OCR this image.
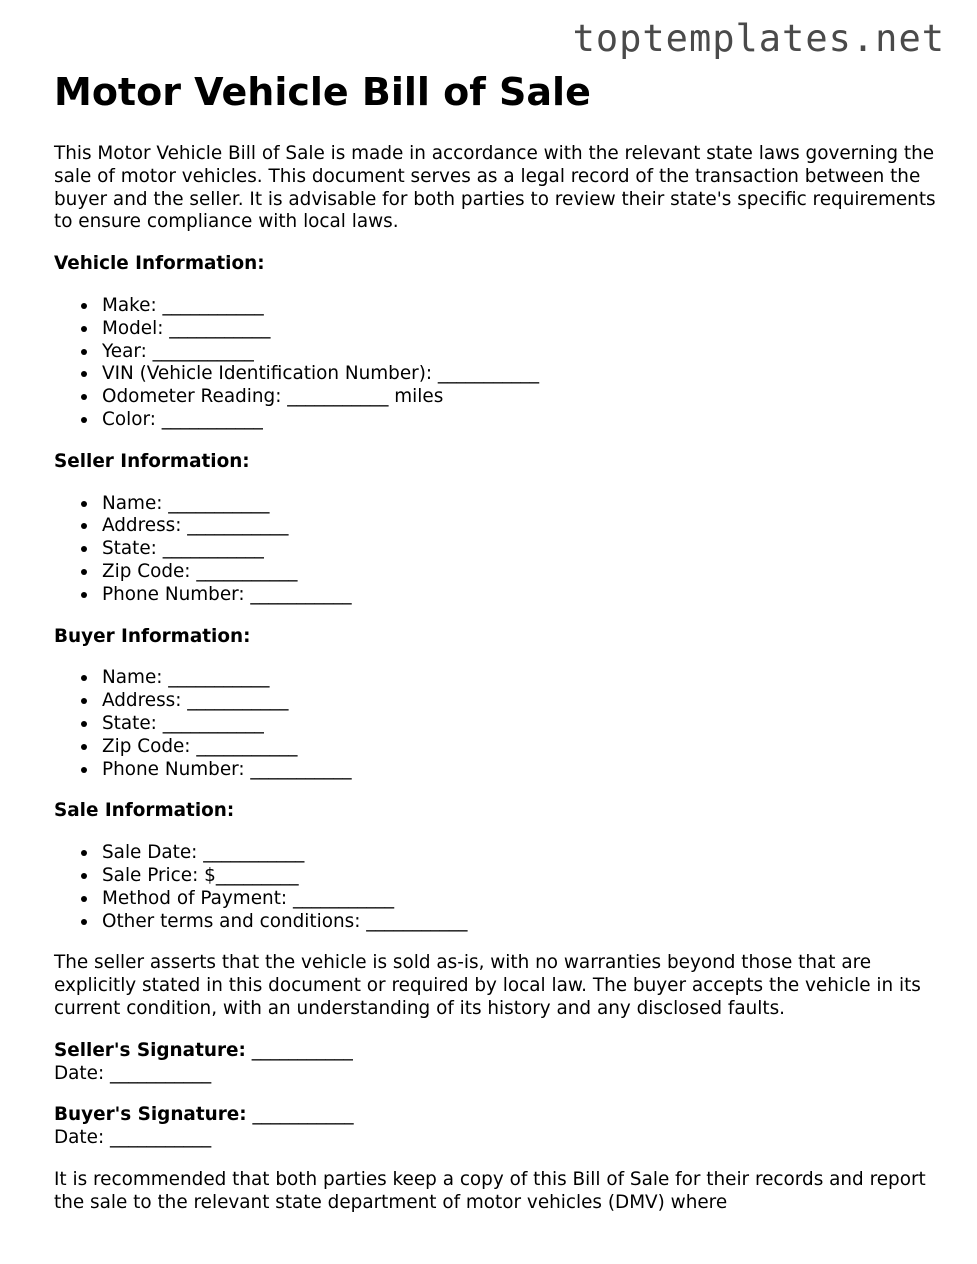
toptemplates.net

Motor Vehicle Bill of Sale

This Motor Vehicle Bill of Sale is made in accordance with the relevant state laws governing the sale of motor vehicles. This document serves as a legal record of the transaction between the buyer and the seller. It is advisable for both parties to review their state's specific requirements to ensure compliance with local laws.

Vehicle Information:
Make: ___________
Model: ___________
Year: ___________
VIN (Vehicle Identification Number): ___________
Odometer Reading: ___________ miles
Color: ___________
Seller Information:
Name: ___________
Address: ___________
State: ___________
Zip Code: ___________
Phone Number: ___________
Buyer Information:
Name: ___________
Address: ___________
State: ___________
Zip Code: ___________
Phone Number: ___________
Sale Information:
Sale Date: ___________
Sale Price: $_________
Method of Payment: ___________
Other terms and conditions: ___________

The seller asserts that the vehicle is sold as-is, with no warranties beyond those that are explicitly stated in this document or required by local law. The buyer accepts the vehicle in its current condition, with an understanding of its history and any disclosed faults.

Seller's Signature: ___________

Date: ___________

Buyer's Signature: ___________

Date: ___________

It is recommended that both parties keep a copy of this Bill of Sale for their records and report the sale to the relevant state department of motor vehicles (DMV) where
